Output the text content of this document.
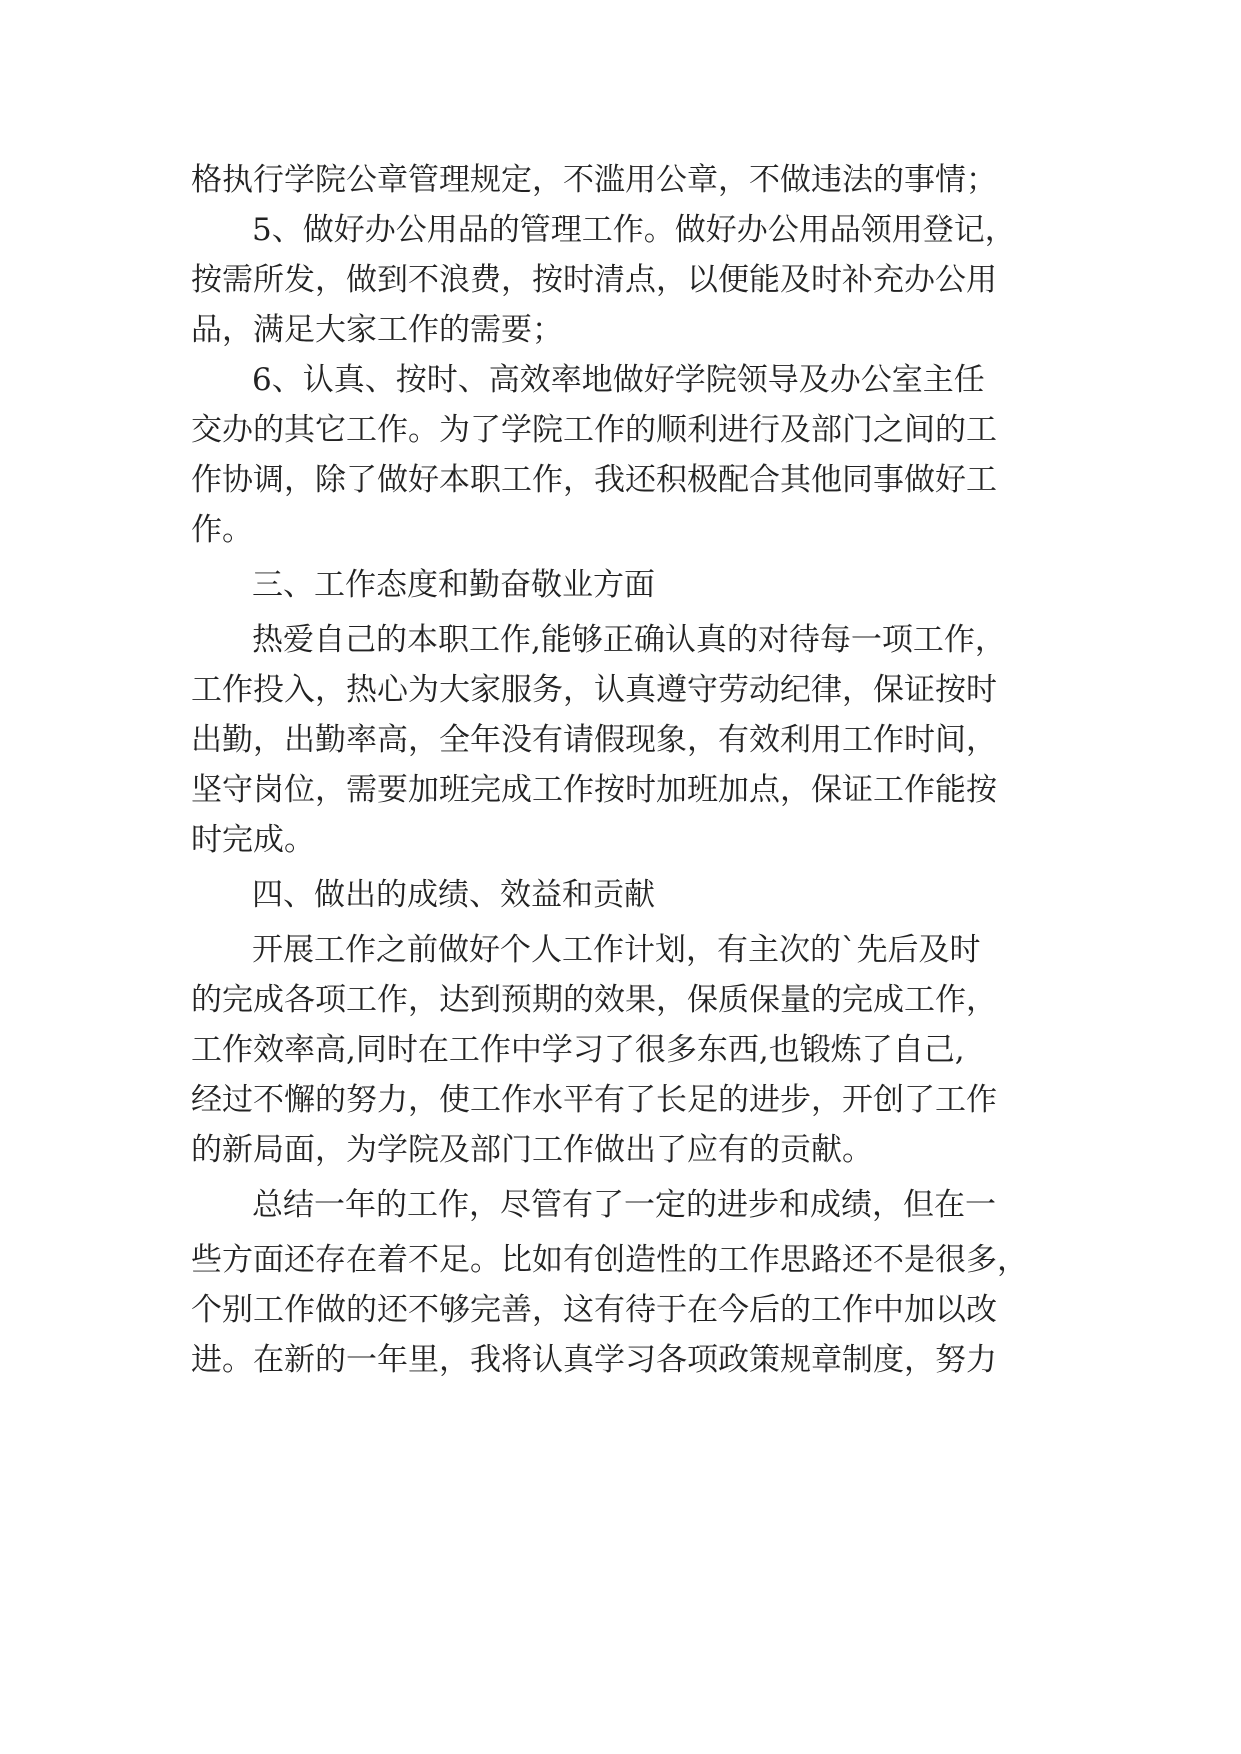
格执行学院公章管理规定，不滥用公章，不做违法的事情；
5、做好办公用品的管理工作。做好办公用品领用登记，
按需所发，做到不浪费，按时清点，以便能及时补充办公用
品，满足大家工作的需要；
6、认真、按时、高效率地做好学院领导及办公室主任
交办的其它工作。为了学院工作的顺利进行及部门之间的工
作协调，除了做好本职工作，我还积极配合其他同事做好工
作。
三、工作态度和勤奋敬业方面
热爱自己的本职工作,能够正确认真的对待每一项工作，
工作投入，热心为大家服务，认真遵守劳动纪律，保证按时
出勤，出勤率高，全年没有请假现象，有效利用工作时间，
坚守岗位，需要加班完成工作按时加班加点，保证工作能按
时完成。
四、做出的成绩、效益和贡献
开展工作之前做好个人工作计划，有主次的`先后及时
的完成各项工作，达到预期的效果，保质保量的完成工作，
工作效率高,同时在工作中学习了很多东西,也锻炼了自己,
经过不懈的努力，使工作水平有了长足的进步，开创了工作
的新局面，为学院及部门工作做出了应有的贡献。
总结一年的工作，尽管有了一定的进步和成绩，但在一
些方面还存在着不足。比如有创造性的工作思路还不是很多，
个别工作做的还不够完善，这有待于在今后的工作中加以改
进。在新的一年里，我将认真学习各项政策规章制度，努力
